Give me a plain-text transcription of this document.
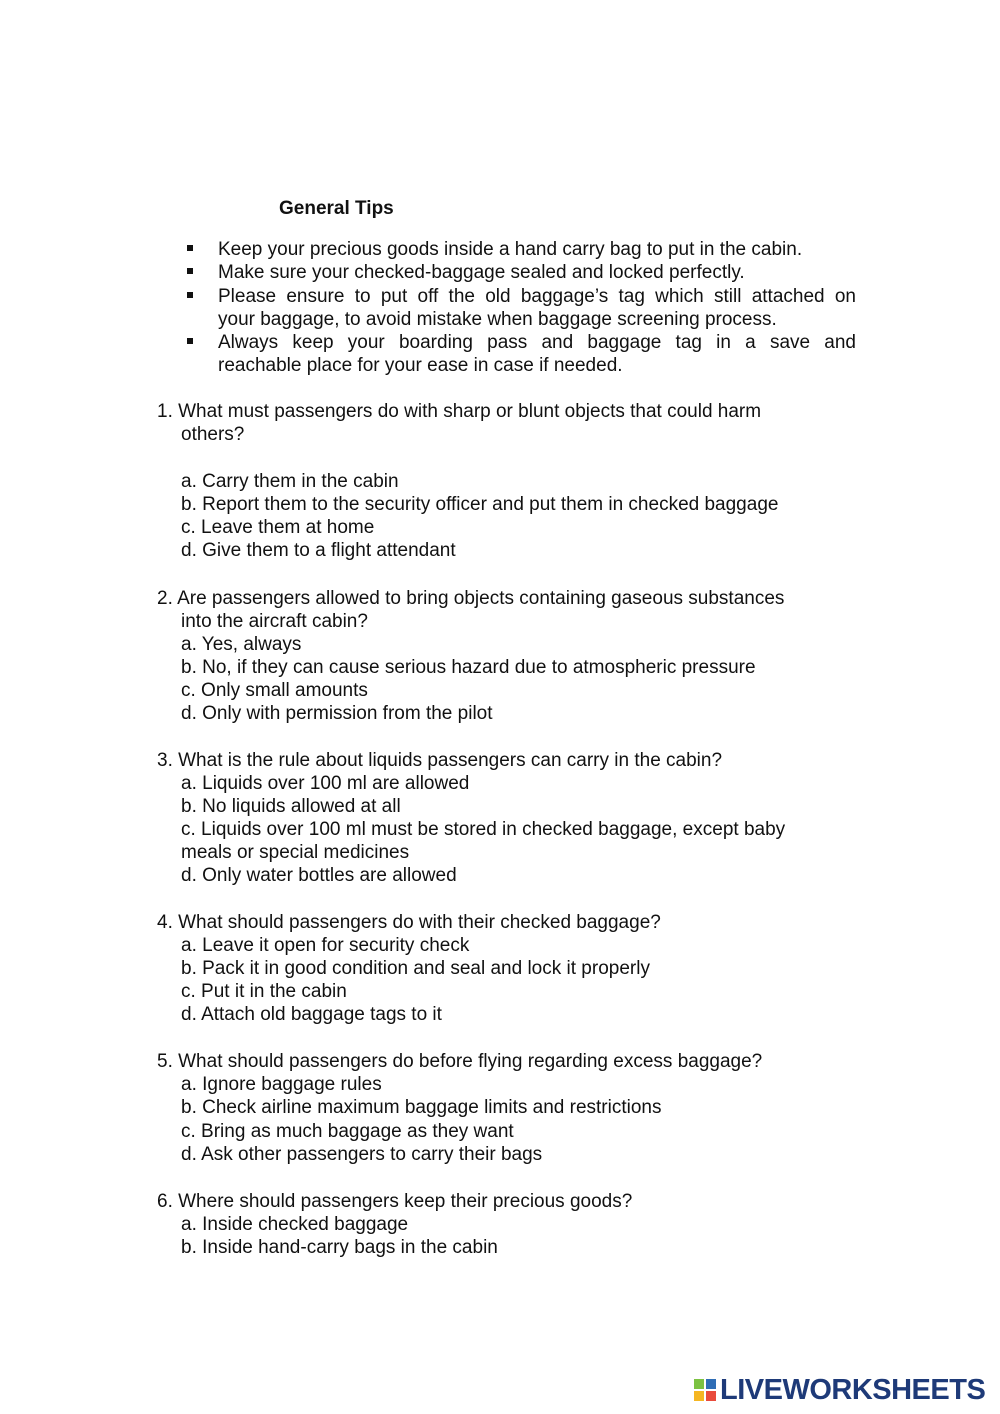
General Tips
Keep your precious goods inside a hand carry bag to put in the cabin.
Make sure your checked-baggage sealed and locked perfectly.
Please ensure to put off the old baggage’s tag which still attached on
your baggage, to avoid mistake when baggage screening process.
Always keep your boarding pass and baggage tag in a save and
reachable place for your ease in case if needed.
1. What must passengers do with sharp or blunt objects that could harm
others?
a. Carry them in the cabin
b. Report them to the security officer and put them in checked baggage
c. Leave them at home
d. Give them to a flight attendant
2. Are passengers allowed to bring objects containing gaseous substances
into the aircraft cabin?
a. Yes, always
b. No, if they can cause serious hazard due to atmospheric pressure
c. Only small amounts
d. Only with permission from the pilot
3. What is the rule about liquids passengers can carry in the cabin?
a. Liquids over 100 ml are allowed
b. No liquids allowed at all
c. Liquids over 100 ml must be stored in checked baggage, except baby
meals or special medicines
d. Only water bottles are allowed
4. What should passengers do with their checked baggage?
a. Leave it open for security check
b. Pack it in good condition and seal and lock it properly
c. Put it in the cabin
d. Attach old baggage tags to it
5. What should passengers do before flying regarding excess baggage?
a. Ignore baggage rules
b. Check airline maximum baggage limits and restrictions
c. Bring as much baggage as they want
d. Ask other passengers to carry their bags
6. Where should passengers keep their precious goods?
a. Inside checked baggage
b. Inside hand-carry bags in the cabin
LIVEWORKSHEETS
